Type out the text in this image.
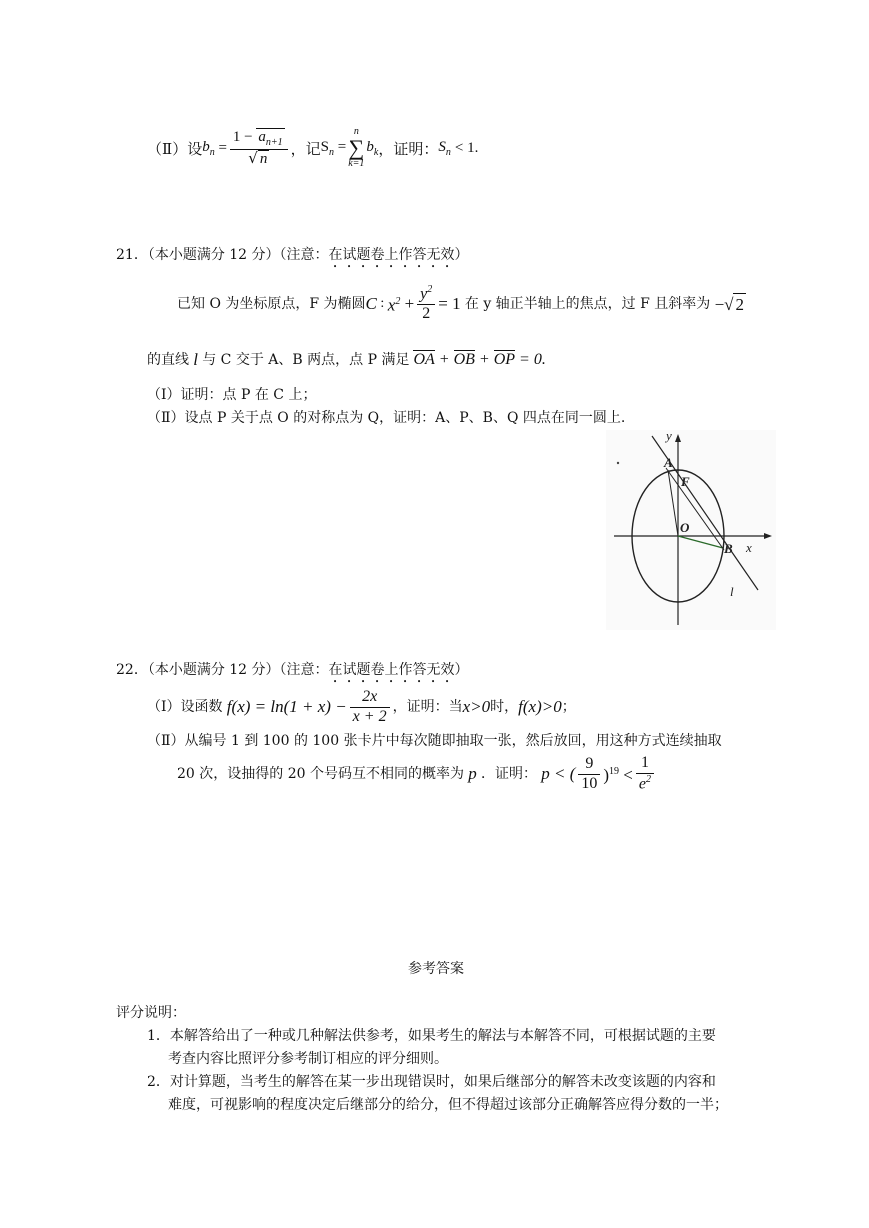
（Ⅱ）设 $b_n = \frac{1 - a_{n+1}}{√ n}$ ，记 $S_n$ =
n
∑
k=1
$b_k$ ，证明： $S_n < 1$.
21．（本小题满分 12 分）（注意：在试题卷上作答无效）
已知 O 为坐标原点，F 为椭圆 C : $x^2 + \frac{y^2}{2} = 1$ 在 y 轴正半轴上的焦点，过 F 且斜率为 −√ 2
的直线 l 与 C 交于 A、B 两点，点 P 满足 OA + OB + OP = 0.
（Ⅰ）证明：点 P 在 C 上；
（Ⅱ）设点 P 关于点 O 的对称点为 Q，证明：A、P、B、Q 四点在同一圆上.
y
x
A
F
O
B
l
22．（本小题满分 12 分）（注意：在试题卷上作答无效）
（Ⅰ）设函数 $f(x) = \ln(1 + x) - \frac{2x}{x + 2}$ ，证明：当 x>0 时， f(x)>0 ；
（Ⅱ）从编号 1 到 100 的 100 张卡片中每次随即抽取一张，然后放回，用这种方式连续抽取
20 次，设抽得的 20 个号码互不相同的概率为 p ．证明： p < ( $\frac{9}{10} )^{19} < \frac{1}{e^2}$
参考答案
评分说明：
1．本解答给出了一种或几种解法供参考，如果考生的解法与本解答不同，可根据试题的主要
考查内容比照评分参考制订相应的评分细则。
2．对计算题，当考生的解答在某一步出现错误时，如果后继部分的解答未改变该题的内容和
难度，可视影响的程度决定后继部分的给分，但不得超过该部分正确解答应得分数的一半；
